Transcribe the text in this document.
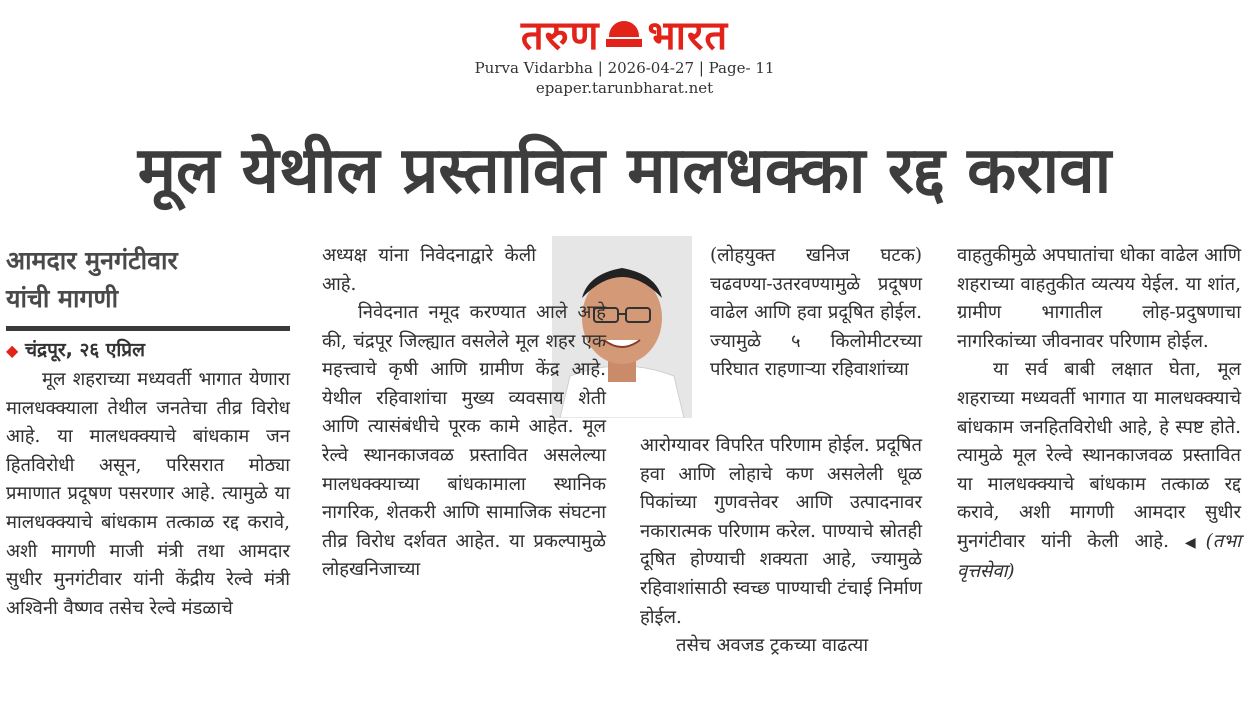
तरुण भारत
Purva Vidarbha | 2026-04-27 | Page- 11
epaper.tarunbharat.net
मूल येथील प्रस्तावित मालधक्का रद्द करावा
आमदार मुनगंटीवार
यांची मागणी
◆ चंद्रपूर, २६ एप्रिल

मूल शहराच्या मध्यवर्ती भागात येणारा मालधक्क्याला तेथील जनतेचा तीव्र विरोध आहे. या मालधक्क्याचे बांधकाम जन हितविरोधी असून, परिसरात मोठ्या प्रमाणात प्रदूषण पसरणार आहे. त्यामुळे या मालधक्क्याचे बांधकाम तत्काळ रद्द करावे, अशी मागणी माजी मंत्री तथा आमदार सुधीर मुनगंटीवार यांनी केंद्रीय रेल्वे मंत्री अश्विनी वैष्णव तसेच रेल्वे मंडळाचे

अध्यक्ष यांना निवेदनाद्वारे केली आहे.

निवेदनात नमूद करण्यात आले आहे की, चंद्रपूर जिल्ह्यात वसलेले मूल शहर एक महत्त्वाचे कृषी आणि ग्रामीण केंद्र आहे. येथील रहिवाशांचा मुख्य व्यवसाय शेती आणि त्यासंबंधीचे पूरक कामे आहेत. मूल रेल्वे स्थानकाजवळ प्रस्तावित असलेल्या मालधक्क्याच्या बांधकामाला स्थानिक नागरिक, शेतकरी आणि सामाजिक संघटना तीव्र विरोध दर्शवत आहेत. या प्रकल्पामुळे लोहखनिजाच्या

(लोहयुक्त खनिज घटक) चढवण्या-उतरवण्यामुळे प्रदूषण वाढेल आणि हवा प्रदूषित होईल. ज्यामुळे ५ किलोमीटरच्या परिघात राहणाऱ्या रहिवाशांच्या

आरोग्यावर विपरित परिणाम होईल. प्रदूषित हवा आणि लोहाचे कण असलेली धूळ पिकांच्या गुणवत्तेवर आणि उत्पादनावर नकारात्मक परिणाम करेल. पाण्याचे स्रोतही दूषित होण्याची शक्यता आहे, ज्यामुळे रहिवाशांसाठी स्वच्छ पाण्याची टंचाई निर्माण होईल.

तसेच अवजड ट्रकच्या वाढत्या

वाहतुकीमुळे अपघातांचा धोका वाढेल आणि शहराच्या वाहतुकीत व्यत्यय येईल. या शांत, ग्रामीण भागातील लोह-प्रदुषणाचा नागरिकांच्या जीवनावर परिणाम होईल.

या सर्व बाबी लक्षात घेता, मूल शहराच्या मध्यवर्ती भागात या मालधक्क्याचे बांधकाम जनहितविरोधी आहे, हे स्पष्ट होते. त्यामुळे मूल रेल्वे स्थानकाजवळ प्रस्तावित या मालधक्क्याचे बांधकाम तत्काळ रद्द करावे, अशी मागणी आमदार सुधीर मुनगंटीवार यांनी केली आहे. ◀(तभा वृत्तसेवा)
